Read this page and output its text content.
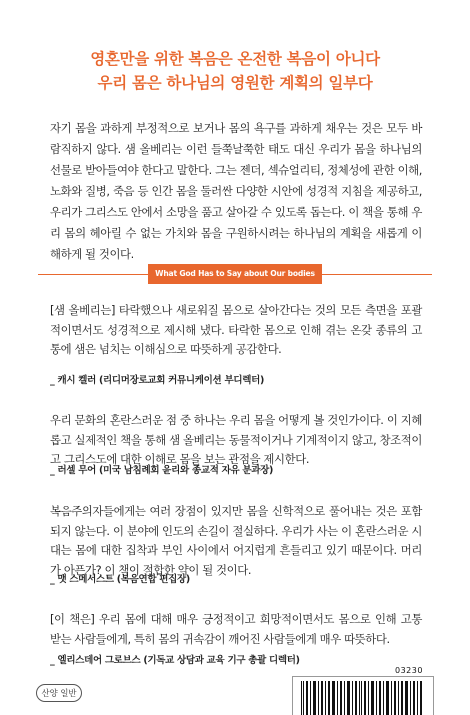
영혼만을 위한 복음은 온전한 복음이 아니다
우리 몸은 하나님의 영원한 계획의 일부다
자기 몸을 과하게 부정적으로 보거나 몸의 욕구를 과하게 채우는 것은 모두 바람직하지 않다. 샘 올베리는 이런 들쭉날쭉한 태도 대신 우리가 몸을 하나님의 선물로 받아들여야 한다고 말한다. 그는 젠더, 섹슈얼리티, 정체성에 관한 이해, 노화와 질병, 죽음 등 인간 몸을 둘러싼 다양한 시안에 성경적 지침을 제공하고, 우리가 그리스도 안에서 소망을 품고 살아갈 수 있도록 돕는다. 이 책을 통해 우리 몸의 헤아릴 수 없는 가치와 몸을 구원하시려는 하나님의 계획을 새롭게 이해하게 될 것이다.
What God Has to Say about Our bodies
[샘 올베리는] 타락했으나 새로워질 몸으로 살아간다는 것의 모든 측면을 포괄적이면서도 성경적으로 제시해 냈다. 타락한 몸으로 인해 겪는 온갖 종류의 고통에 샘은 넘치는 이해심으로 따뜻하게 공감한다.
_ 캐시 켈러 (리디머장로교회 커뮤니케이션 부디렉터)
우리 문화의 혼란스러운 점 중 하나는 우리 몸을 어떻게 볼 것인가이다. 이 지혜롭고 실제적인 책을 통해 샘 올베리는 동물적이거나 기계적이지 않고, 창조적이고 그리스도에 대한 이해로 몸을 보는 관점을 제시한다.
_ 러셀 무어 (미국 남침례회 윤리와 종교적 자유 분과장)
복음주의자들에게는 여러 장점이 있지만 몸을 신학적으로 풀어내는 것은 포함되지 않는다. 이 분야에 인도의 손길이 절실하다. 우리가 사는 이 혼란스러운 시대는 몸에 대한 집착과 부인 사이에서 어지럽게 흔들리고 있기 때문이다. 머리가 아픈가? 이 책이 적합한 약이 될 것이다.
_ 맷 스메서스트 (복음연합 편집장)
[이 책은] 우리 몸에 대해 매우 긍정적이고 희망적이면서도 몸으로 인해 고통 받는 사람들에게, 특히 몸의 귀속감이 깨어진 사람들에게 매우 따뜻하다.
_ 엘리스데어 그로브스 (기독교 상담과 교육 기구 총괄 디렉터)
산양 일반
03230
